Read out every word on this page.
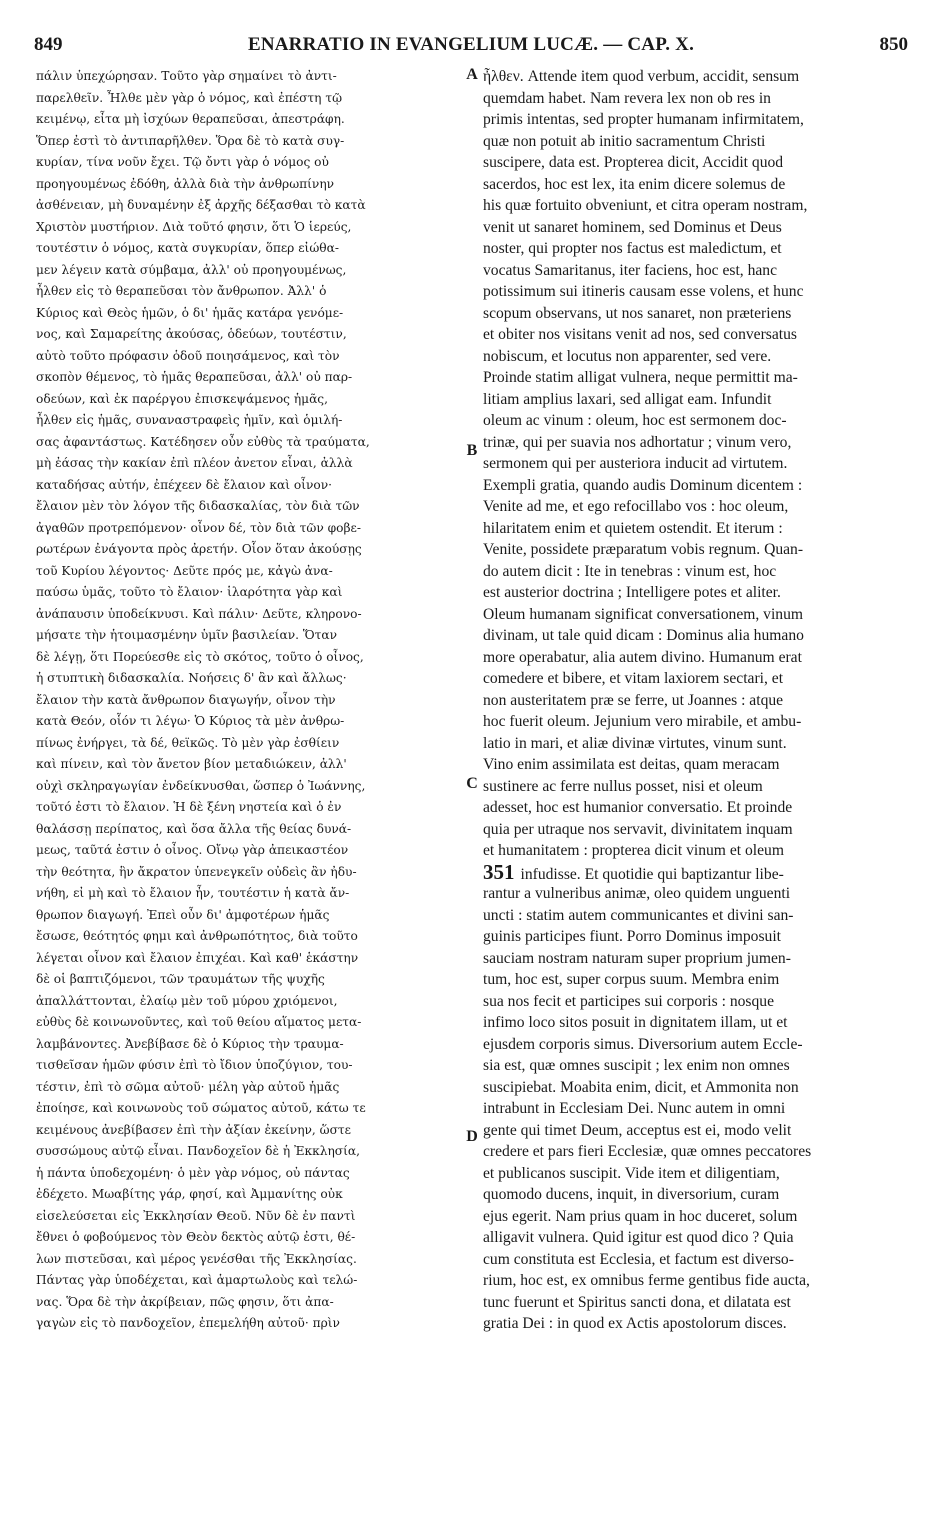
849	ENARRATIO IN EVANGELIUM LUCÆ. — CAP. X.	850
πάλιν ὑπεχώρησαν. Τοῦτο γὰρ σημαίνει τὸ ἀντι-
παρελθεῖν. Ἦλθε μὲν γὰρ ὁ νόμος, καὶ ἐπέστη τῷ
κειμένῳ, εἶτα μὴ ἰσχύων θεραπεῦσαι, ἀπεστράφη.
Ὅπερ ἐστὶ τὸ ἀντιπαρῆλθεν. Ὅρα δὲ τὸ κατὰ συγ-
κυρίαν, τίνα νοῦν ἔχει. Τῷ ὄντι γὰρ ὁ νόμος οὐ
προηγουμένως ἐδόθη, ἀλλὰ διὰ τὴν ἀνθρωπίνην
ἀσθένειαν, μὴ δυναμένην ἐξ ἀρχῆς δέξασθαι τὸ κατὰ
Χριστὸν μυστήριον. Διὰ τοῦτό φησιν, ὅτι Ὁ ἱερεύς,
τουτέστιν ὁ νόμος, κατὰ συγκυρίαν, ὅπερ εἰώθα-
μεν λέγειν κατὰ σύμβαμα, ἀλλ' οὐ προηγουμένως,
ἦλθεν εἰς τὸ θεραπεῦσαι τὸν ἄνθρωπον. Ἀλλ' ὁ
Κύριος καὶ Θεὸς ἡμῶν, ὁ δι' ἡμᾶς κατάρα γενόμε-
νος, καὶ Σαμαρείτης ἀκούσας, ὁδεύων, τουτέστιν,
αὐτὸ τοῦτο πρόφασιν ὁδοῦ ποιησάμενος, καὶ τὸν
σκοπὸν θέμενος, τὸ ἡμᾶς θεραπεῦσαι, ἀλλ' οὐ παρ-
οδεύων, καὶ ἐκ παρέργου ἐπισκεψάμενος ἡμᾶς,
ἦλθεν εἰς ἡμᾶς, συναναστραφεὶς ἡμῖν, καὶ ὁμιλή-
σας ἀφαντάστως. Κατέδησεν οὖν εὐθὺς τὰ τραύματα,
μὴ ἐάσας τὴν κακίαν ἐπὶ πλέον ἀνετον εἶναι, ἀλλὰ
καταδήσας αὐτήν, ἐπέχεεν δὲ ἔλαιον καὶ οἶνον·
ἔλαιον μὲν τὸν λόγον τῆς διδασκαλίας, τὸν διὰ τῶν
ἀγαθῶν προτρεπόμενον· οἶνον δέ, τὸν διὰ τῶν φοβε-
ρωτέρων ἐνάγοντα πρὸς ἀρετήν. Οἷον ὅταν ἀκούσῃς
τοῦ Κυρίου λέγοντος· Δεῦτε πρός με, κἀγὼ ἀνα-
παύσω ὑμᾶς, τοῦτο τὸ ἔλαιον· ἱλαρότητα γὰρ καὶ
ἀνάπαυσιν ὑποδείκνυσι. Καὶ πάλιν· Δεῦτε, κληρονο-
μήσατε τὴν ἡτοιμασμένην ὑμῖν βασιλείαν. Ὅταν
δὲ λέγῃ, ὅτι Πορεύεσθε εἰς τὸ σκότος, τοῦτο ὁ οἶνος,
ἡ στυπτικὴ διδασκαλία. Νοήσεις δ' ἂν καὶ ἄλλως·
ἔλαιον τὴν κατὰ ἄνθρωπον διαγωγήν, οἶνον τὴν
κατὰ Θεόν, οἷόν τι λέγω· Ὁ Κύριος τὰ μὲν ἀνθρω-
πίνως ἐνήργει, τὰ δέ, θεϊκῶς. Τὸ μὲν γὰρ ἐσθίειν
καὶ πίνειν, καὶ τὸν ἄνετον βίον μεταδιώκειν, ἀλλ'
οὐχὶ σκληραγωγίαν ἐνδείκνυσθαι, ὥσπερ ὁ Ἰωάννης,
τοῦτό ἐστι τὸ ἔλαιον. Ἡ δὲ ξένη νηστεία καὶ ὁ ἐν
θαλάσσῃ περίπατος, καὶ ὅσα ἄλλα τῆς θείας δυνά-
μεως, ταῦτά ἐστιν ὁ οἶνος. Οἴνῳ γὰρ ἀπεικαστέον
τὴν θεότητα, ἣν ἄκρατον ὑπενεγκεῖν οὐδεὶς ἂν ἠδυ-
νήθη, εἰ μὴ καὶ τὸ ἔλαιον ἦν, τουτέστιν ἡ κατὰ ἄν-
θρωπον διαγωγή. Ἐπεὶ οὖν δι' ἀμφοτέρων ἡμᾶς
ἔσωσε, θεότητός φημι καὶ ἀνθρωπότητος, διὰ τοῦτο
λέγεται οἶνον καὶ ἔλαιον ἐπιχέαι. Καὶ καθ' ἑκάστην
δὲ οἱ βαπτιζόμενοι, τῶν τραυμάτων τῆς ψυχῆς
ἀπαλλάττονται, ἐλαίῳ μὲν τοῦ μύρου χριόμενοι,
εὐθὺς δὲ κοινωνοῦντες, καὶ τοῦ θείου αἵματος μετα-
λαμβάνοντες. Ἀνεβίβασε δὲ ὁ Κύριος τὴν τραυμα-
τισθεῖσαν ἡμῶν φύσιν ἐπὶ τὸ ἴδιον ὑποζύγιον, του-
τέστιν, ἐπὶ τὸ σῶμα αὐτοῦ· μέλη γὰρ αὐτοῦ ἡμᾶς
ἐποίησε, καὶ κοινωνοὺς τοῦ σώματος αὐτοῦ, κάτω τε
κειμένους ἀνεβίβασεν ἐπὶ τὴν ἀξίαν ἐκείνην, ὥστε
συσσώμους αὐτῷ εἶναι. Πανδοχεῖον δὲ ἡ Ἐκκλησία,
ἡ πάντα ὑποδεχομένη· ὁ μὲν γὰρ νόμος, οὐ πάντας
ἐδέχετο. Μωαβίτης γάρ, φησί, καὶ Ἀμμανίτης οὐκ
εἰσελεύσεται εἰς Ἐκκλησίαν Θεοῦ. Νῦν δὲ ἐν παντὶ
ἔθνει ὁ φοβούμενος τὸν Θεὸν δεκτὸς αὐτῷ ἐστι, θέ-
λων πιστεῦσαι, καὶ μέρος γενέσθαι τῆς Ἐκκλησίας.
Πάντας γὰρ ὑποδέχεται, καὶ ἁμαρτωλοὺς καὶ τελώ-
νας. Ὅρα δὲ τὴν ἀκρίβειαν, πῶς φησιν, ὅτι ἀπα-
γαγὼν εἰς τὸ πανδοχεῖον, ἐπεμελήθη αὐτοῦ· πρὶν
ἦλθεν. Attende item quod verbum, accidit, sensum
quemdam habet. Nam revera lex non ob res in
primis intentas, sed propter humanam infirmitatem,
quæ non potuit ab initio sacramentum Christi
suscipere, data est. Propterea dicit, Accidit quod
sacerdos, hoc est lex, ita enim dicere solemus de
his quæ fortuito obveniunt, et citra operam nostram,
venit ut sanaret hominem, sed Dominus et Deus
noster, qui propter nos factus est maledictum, et
vocatus Samaritanus, iter faciens, hoc est, hanc
potissimum sui itineris causam esse volens, et hunc
scopum observans, ut nos sanaret, non præteriens
et obiter nos visitans venit ad nos, sed conversatus
nobiscum, et locutus non apparenter, sed vere.
Proinde statim alligat vulnera, neque permittit ma-
litiam amplius laxari, sed alligat eam. Infundit
oleum ac vinum : oleum, hoc est sermonem doc-
trinæ, qui per suavia nos adhortatur ; vinum vero,
sermonem qui per austeriora inducit ad virtutem.
Exempli gratia, quando audis Dominum dicentem :
Venite ad me, et ego refocillabo vos : hoc oleum,
hilaritatem enim et quietem ostendit. Et iterum :
Venite, possidete præparatum vobis regnum. Quan-
do autem dicit : Ite in tenebras : vinum est, hoc
est austerior doctrina ; Intelligere potes et aliter.
Oleum humanam significat conversationem, vinum
divinam, ut tale quid dicam : Dominus alia humano
more operabatur, alia autem divino. Humanum erat
comedere et bibere, et vitam laxiorem sectari, et
non austeritatem præ se ferre, ut Joannes : atque
hoc fuerit oleum. Jejunium vero mirabile, et ambu-
latio in mari, et aliæ divinæ virtutes, vinum sunt.
Vino enim assimilata est deitas, quam meracam
sustinere ac ferre nullus posset, nisi et oleum
adesset, hoc est humanior conversatio. Et proinde
quia per utraque nos servavit, divinitatem inquam
et humanitatem : propterea dicit vinum et oleum
351 infudisse. Et quotidie qui baptizantur libe-
rantur a vulneribus animæ, oleo quidem unguenti
uncti : statim autem communicantes et divini san-
guinis participes fiunt. Porro Dominus imposuit
sauciam nostram naturam super proprium jumen-
tum, hoc est, super corpus suum. Membra enim
sua nos fecit et participes sui corporis : nosque
infimo loco sitos posuit in dignitatem illam, ut et
ejusdem corporis simus. Diversorium autem Eccle-
sia est, quæ omnes suscipit ; lex enim non omnes
suscipiebat. Moabita enim, dicit, et Ammonita non
intrabunt in Ecclesiam Dei. Nunc autem in omni
gente qui timet Deum, acceptus est ei, modo velit
credere et pars fieri Ecclesiæ, quæ omnes peccatores
et publicanos suscipit. Vide item et diligentiam,
quomodo ducens, inquit, in diversorium, curam
ejus egerit. Nam prius quam in hoc duceret, solum
alligavit vulnera. Quid igitur est quod dico ? Quia
cum constituta est Ecclesia, et factum est diverso-
rium, hoc est, ex omnibus ferme gentibus fide aucta,
tunc fuerunt et Spiritus sancti dona, et dilatata est
gratia Dei : in quod ex Actis apostolorum disces.
A
B
C
D
